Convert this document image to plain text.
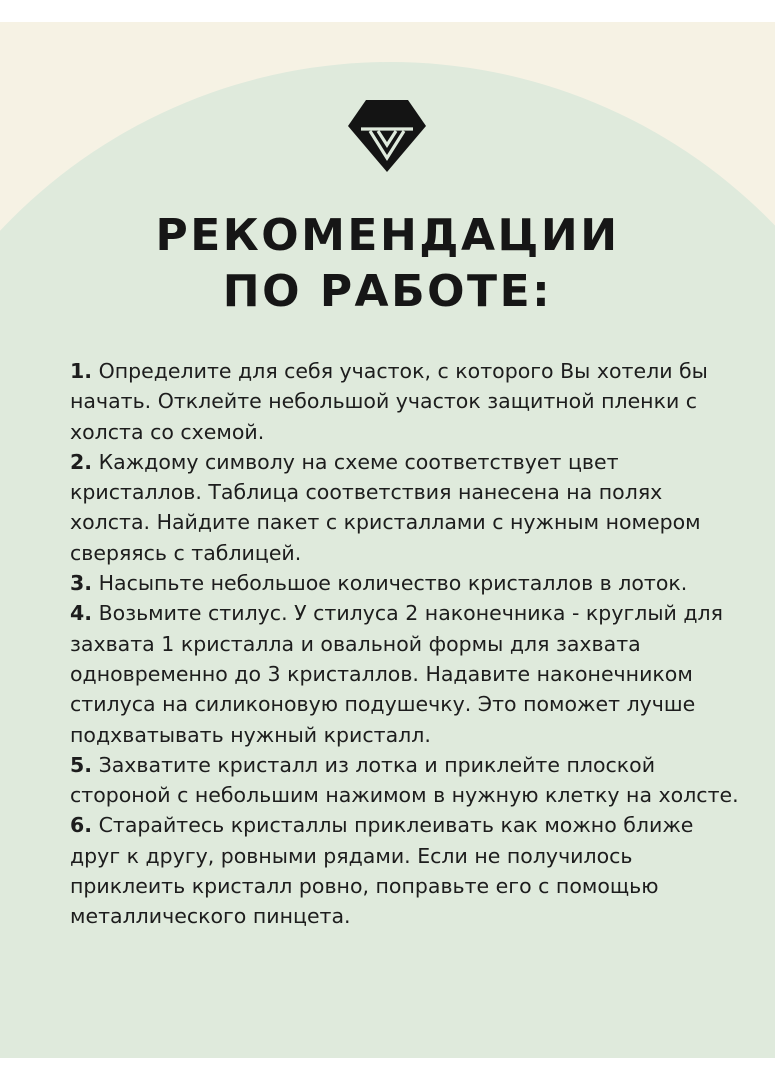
РЕКОМЕНДАЦИИ
ПО РАБОТЕ:
1. Определите для себя участок, с которого Вы хотели бы начать. Отклейте небольшой участок защитной пленки с холста со схемой.
2. Каждому символу на схеме соответствует цвет кристаллов. Таблица соответствия нанесена на полях холста. Найдите пакет с кристаллами с нужным номером сверяясь с таблицей.
3. Насыпьте небольшое количество кристаллов в лоток.
4. Возьмите стилус. У стилуса 2 наконечника - круглый для захвата 1 кристалла и овальной формы для захвата одновременно до 3 кристаллов. Надавите наконечником стилуса на силиконовую подушечку. Это поможет лучше подхватывать нужный кристалл.
5. Захватите кристалл из лотка и приклейте плоской стороной с небольшим нажимом в нужную клетку на холсте.
6. Старайтесь кристаллы приклеивать как можно ближе друг к другу, ровными рядами. Если не получилось приклеить кристалл ровно, поправьте его с помощью металлического пинцета.
